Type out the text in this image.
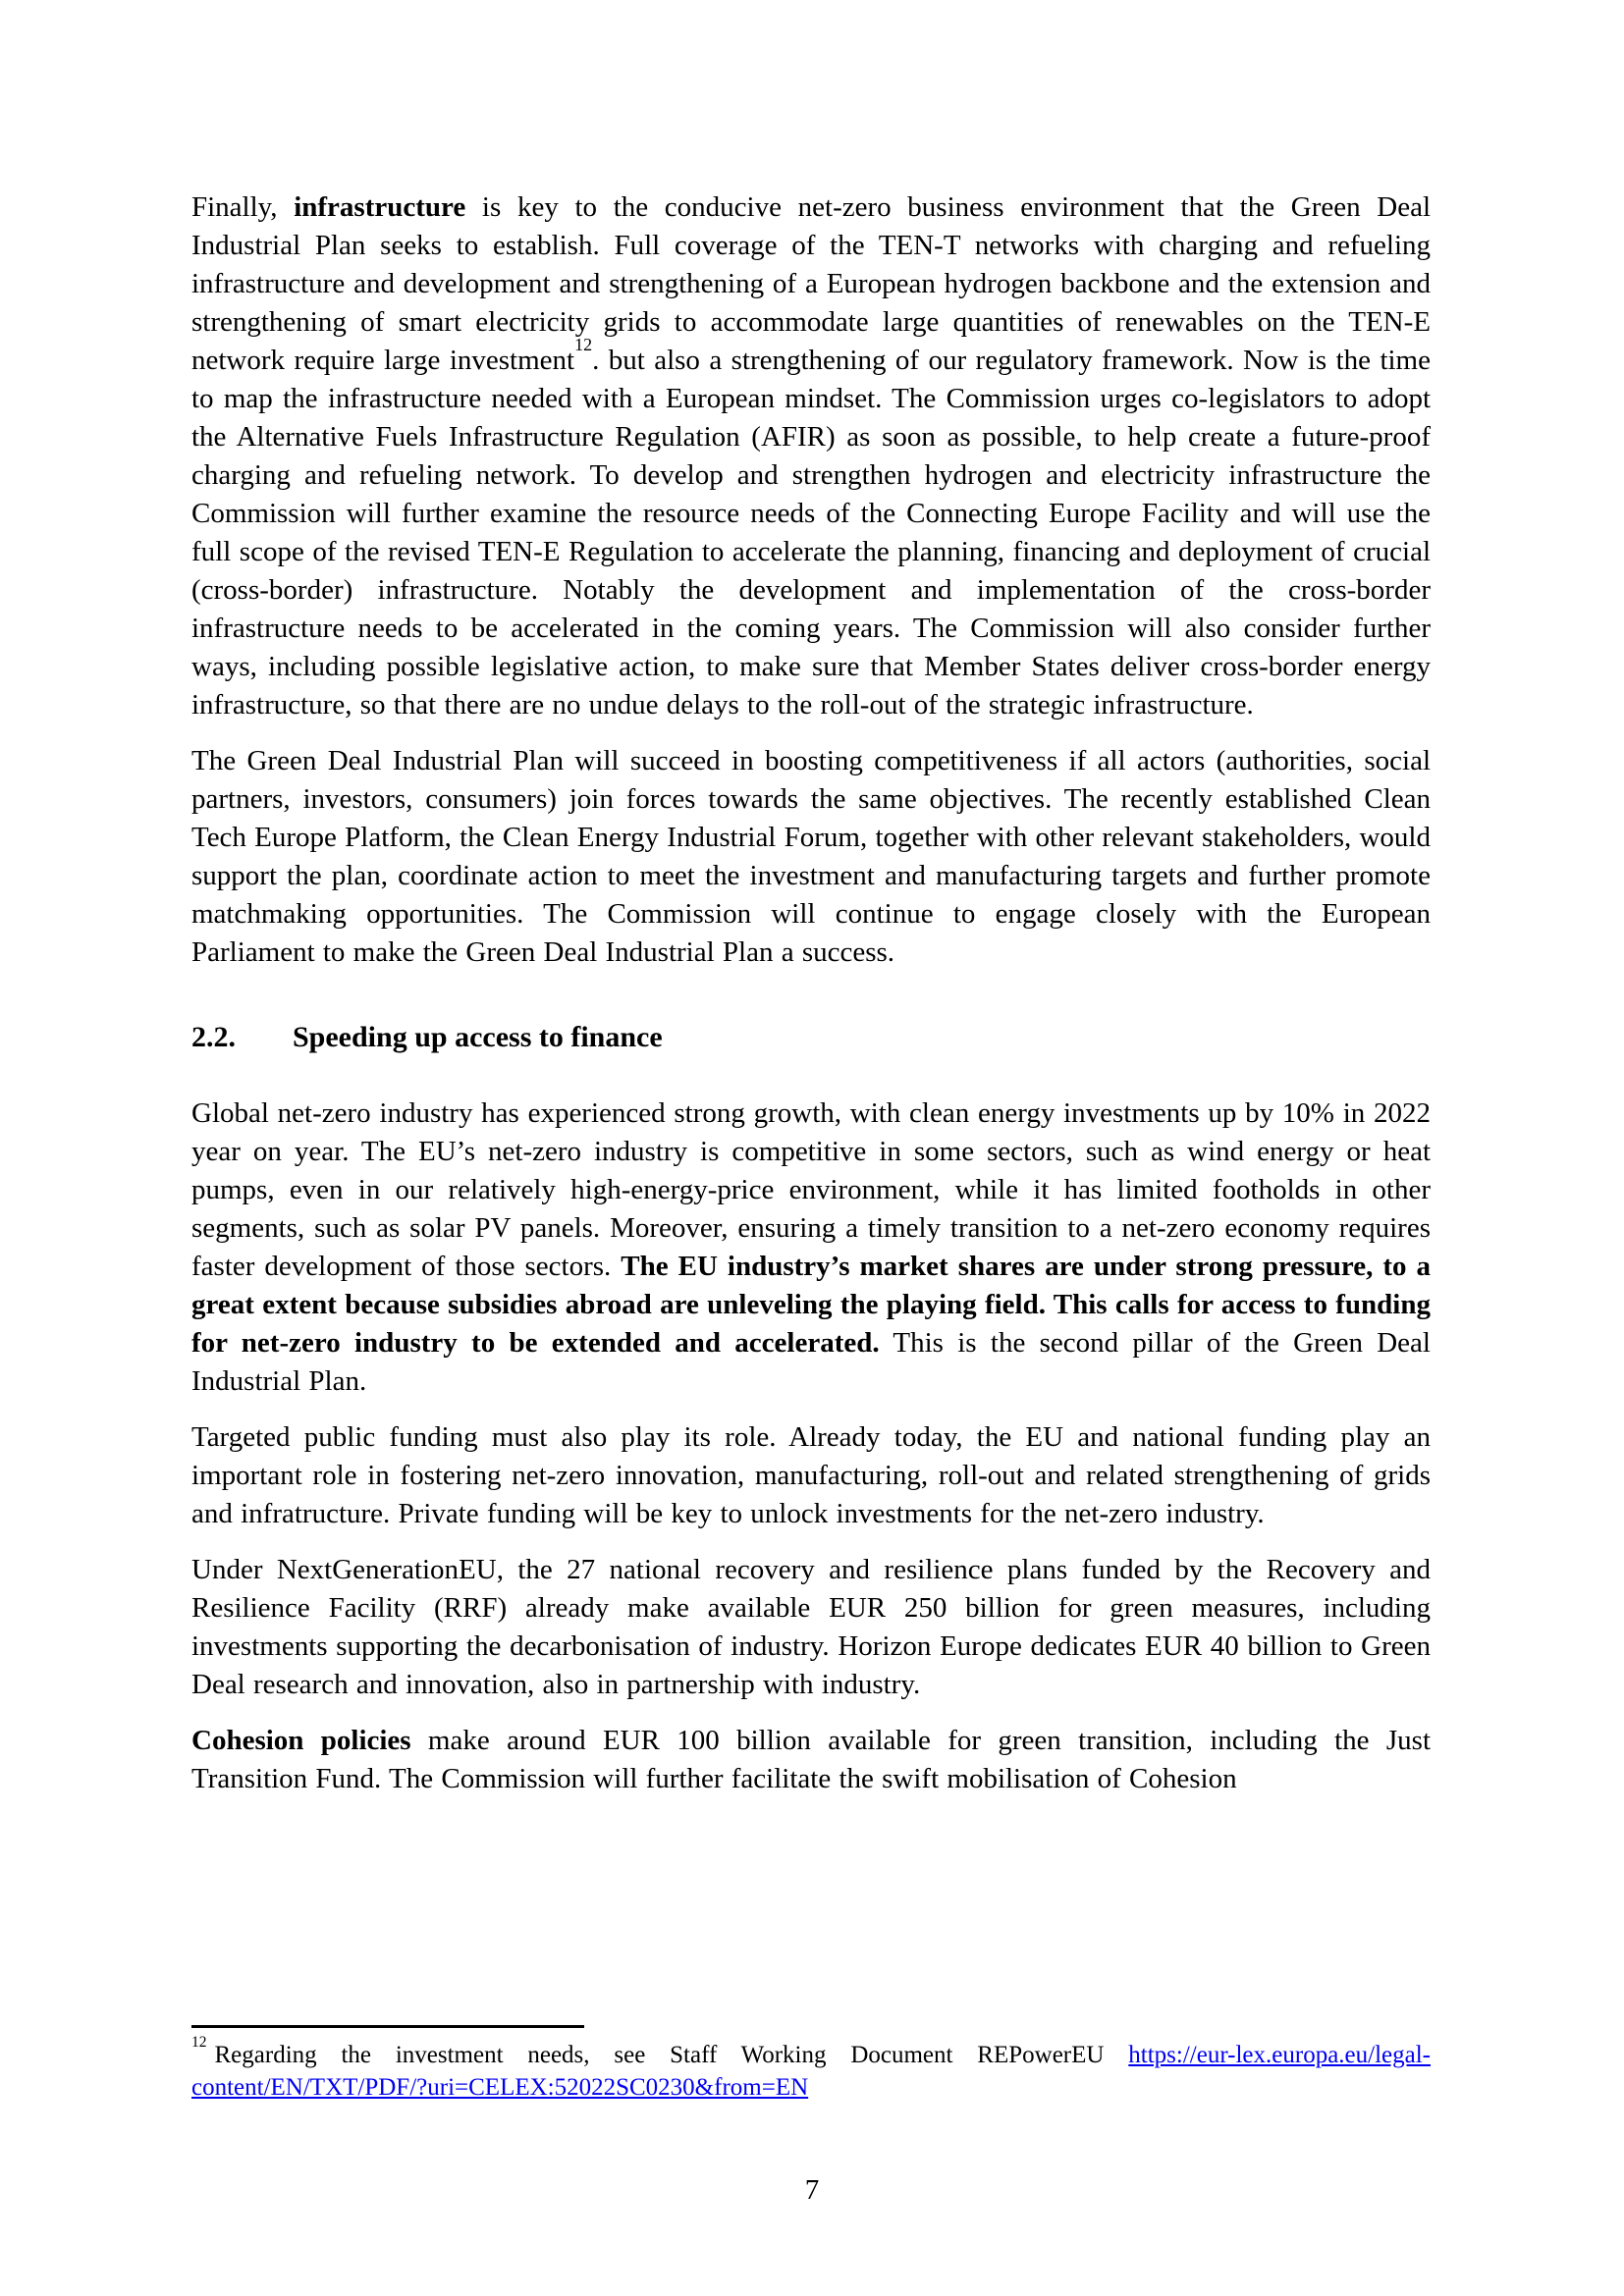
Finally, infrastructure is key to the conducive net-zero business environment that the Green Deal Industrial Plan seeks to establish. Full coverage of the TEN-T networks with charging and refueling infrastructure and development and strengthening of a European hydrogen backbone and the extension and strengthening of smart electricity grids to accommodate large quantities of renewables on the TEN-E network require large investment$^{12}$. but also a strengthening of our regulatory framework. Now is the time to map the infrastructure needed with a European mindset. The Commission urges co-legislators to adopt the Alternative Fuels Infrastructure Regulation (AFIR) as soon as possible, to help create a future-proof charging and refueling network. To develop and strengthen hydrogen and electricity infrastructure the Commission will further examine the resource needs of the Connecting Europe Facility and will use the full scope of the revised TEN-E Regulation to accelerate the planning, financing and deployment of crucial (cross-border) infrastructure. Notably the development and implementation of the cross-border infrastructure needs to be accelerated in the coming years. The Commission will also consider further ways, including possible legislative action, to make sure that Member States deliver cross-border energy infrastructure, so that there are no undue delays to the roll-out of the strategic infrastructure.

The Green Deal Industrial Plan will succeed in boosting competitiveness if all actors (authorities, social partners, investors, consumers) join forces towards the same objectives. The recently established Clean Tech Europe Platform, the Clean Energy Industrial Forum, together with other relevant stakeholders, would support the plan, coordinate action to meet the investment and manufacturing targets and further promote matchmaking opportunities. The Commission will continue to engage closely with the European Parliament to make the Green Deal Industrial Plan a success.

2.2.	Speeding up access to finance

Global net-zero industry has experienced strong growth, with clean energy investments up by 10% in 2022 year on year. The EU’s net-zero industry is competitive in some sectors, such as wind energy or heat pumps, even in our relatively high-energy-price environment, while it has limited footholds in other segments, such as solar PV panels. Moreover, ensuring a timely transition to a net-zero economy requires faster development of those sectors. The EU industry’s market shares are under strong pressure, to a great extent because subsidies abroad are unleveling the playing field. This calls for access to funding for net-zero industry to be extended and accelerated. This is the second pillar of the Green Deal Industrial Plan.

Targeted public funding must also play its role. Already today, the EU and national funding play an important role in fostering net-zero innovation, manufacturing, roll-out and related strengthening of grids and infratructure. Private funding will be key to unlock investments for the net-zero industry.

Under NextGenerationEU, the 27 national recovery and resilience plans funded by the Recovery and Resilience Facility (RRF) already make available EUR 250 billion for green measures, including investments supporting the decarbonisation of industry. Horizon Europe dedicates EUR 40 billion to Green Deal research and innovation, also in partnership with industry.

Cohesion policies make around EUR 100 billion available for green transition, including the Just Transition Fund. The Commission will further facilitate the swift mobilisation of Cohesion

$^{12}$ Regarding the investment needs, see Staff Working Document REPowerEU https://eur-lex.europa.eu/legal-content/EN/TXT/PDF/?uri=CELEX:52022SC0230&from=EN

7
